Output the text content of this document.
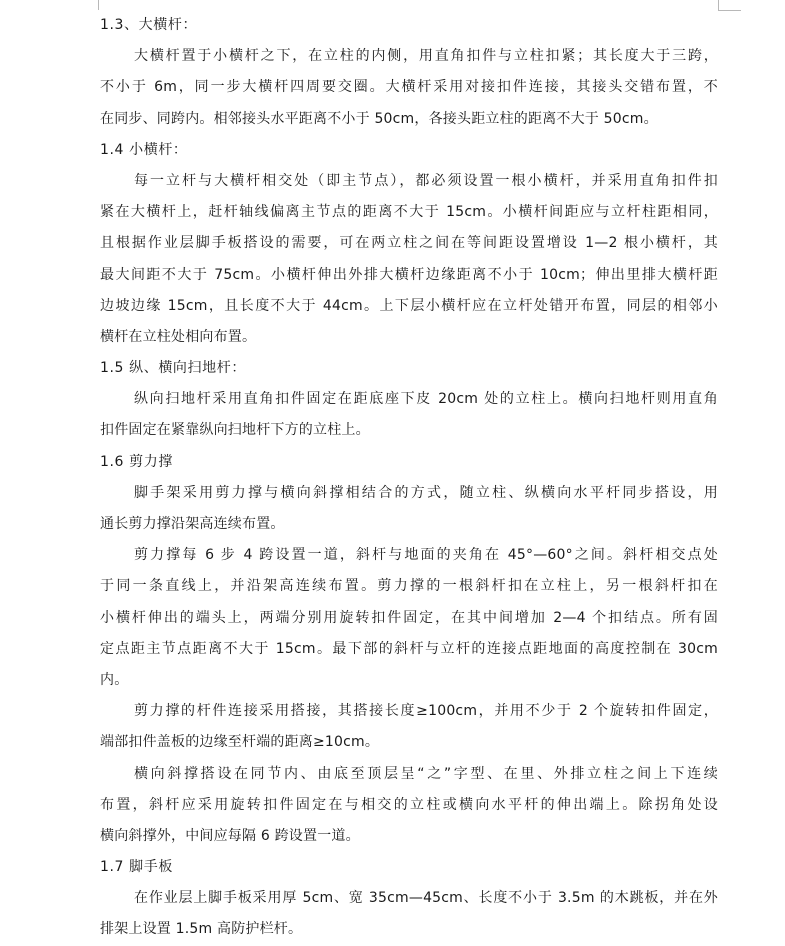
1.3、大横杆：
大横杆置于小横杆之下，在立柱的内侧，用直角扣件与立柱扣紧；其长度大于三跨，
不小于 6m，同一步大横杆四周要交圈。大横杆采用对接扣件连接，其接头交错布置，不
在同步、同跨内。相邻接头水平距离不小于 50cm，各接头距立柱的距离不大于 50cm。
1.4 小横杆：
每一立杆与大横杆相交处（即主节点），都必须设置一根小横杆，并采用直角扣件扣
紧在大横杆上，赶杆轴线偏离主节点的距离不大于 15cm。小横杆间距应与立杆柱距相同，
且根据作业层脚手板搭设的需要，可在两立柱之间在等间距设置增设 1—2 根小横杆，其
最大间距不大于 75cm。小横杆伸出外排大横杆边缘距离不小于 10cm；伸出里排大横杆距
边坡边缘 15cm，且长度不大于 44cm。上下层小横杆应在立杆处错开布置，同层的相邻小
横杆在立柱处相向布置。
1.5 纵、横向扫地杆：
纵向扫地杆采用直角扣件固定在距底座下皮 20cm 处的立柱上。横向扫地杆则用直角
扣件固定在紧靠纵向扫地杆下方的立柱上。
1.6 剪力撑
脚手架采用剪力撑与横向斜撑相结合的方式，随立柱、纵横向水平杆同步搭设，用
通长剪力撑沿架高连续布置。
剪力撑每 6 步 4 跨设置一道，斜杆与地面的夹角在 45°—60°之间。斜杆相交点处
于同一条直线上，并沿架高连续布置。剪力撑的一根斜杆扣在立柱上，另一根斜杆扣在
小横杆伸出的端头上，两端分别用旋转扣件固定，在其中间增加 2—4 个扣结点。所有固
定点距主节点距离不大于 15cm。最下部的斜杆与立杆的连接点距地面的高度控制在 30cm
内。
剪力撑的杆件连接采用搭接，其搭接长度≥100cm，并用不少于 2 个旋转扣件固定，
端部扣件盖板的边缘至杆端的距离≥10cm。
横向斜撑搭设在同节内、由底至顶层呈“之”字型、在里、外排立柱之间上下连续
布置，斜杆应采用旋转扣件固定在与相交的立柱或横向水平杆的伸出端上。除拐角处设
横向斜撑外，中间应每隔 6 跨设置一道。
1.7 脚手板
在作业层上脚手板采用厚 5cm、宽 35cm—45cm、长度不小于 3.5m 的木跳板，并在外
排架上设置 1.5m 高防护栏杆。
